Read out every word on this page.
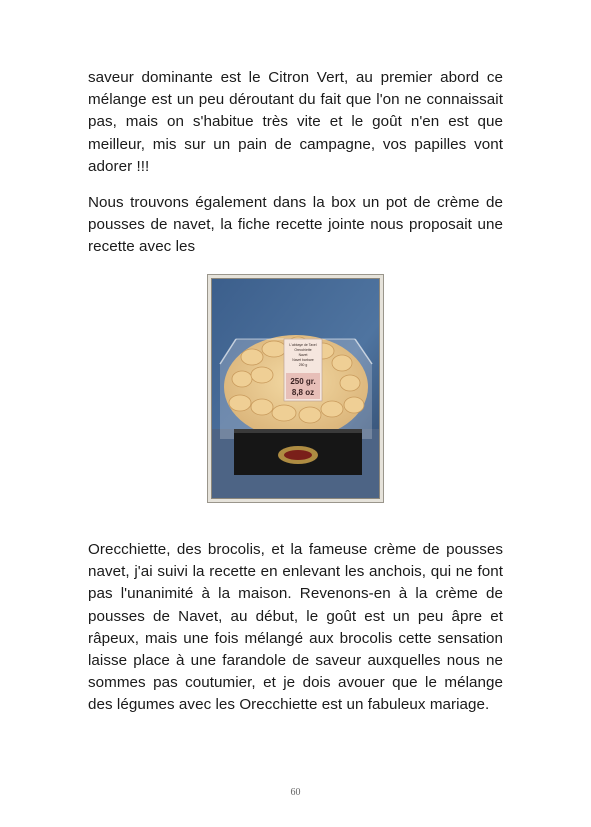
saveur dominante est le Citron Vert, au premier abord ce mélange est un peu déroutant du fait que l'on ne connaissait pas, mais on s'habitue très vite et le goût n'en est que meilleur, mis sur un pain de campagne, vos papilles vont adorer !!!

Nous trouvons également dans la box un pot de crème de pousses de navet, la fiche recette jointe nous proposait une recette avec les

L'abbaye de Tavel
Orecchiette
Navet
Navet barbare
250 g
250 gr.
8,8 oz

Orecchiette, des brocolis, et la fameuse crème de pousses navet, j'ai suivi la recette en enlevant les anchois, qui ne font pas l'unanimité à la maison. Revenons-en à la crème de pousses de Navet, au début, le goût est un peu âpre et râpeux, mais une fois mélangé aux brocolis cette sensation laisse place à une farandole de saveur auxquelles nous ne sommes pas coutumier, et je dois avouer que le mélange des légumes avec les Orecchiette est un fabuleux mariage.

60
